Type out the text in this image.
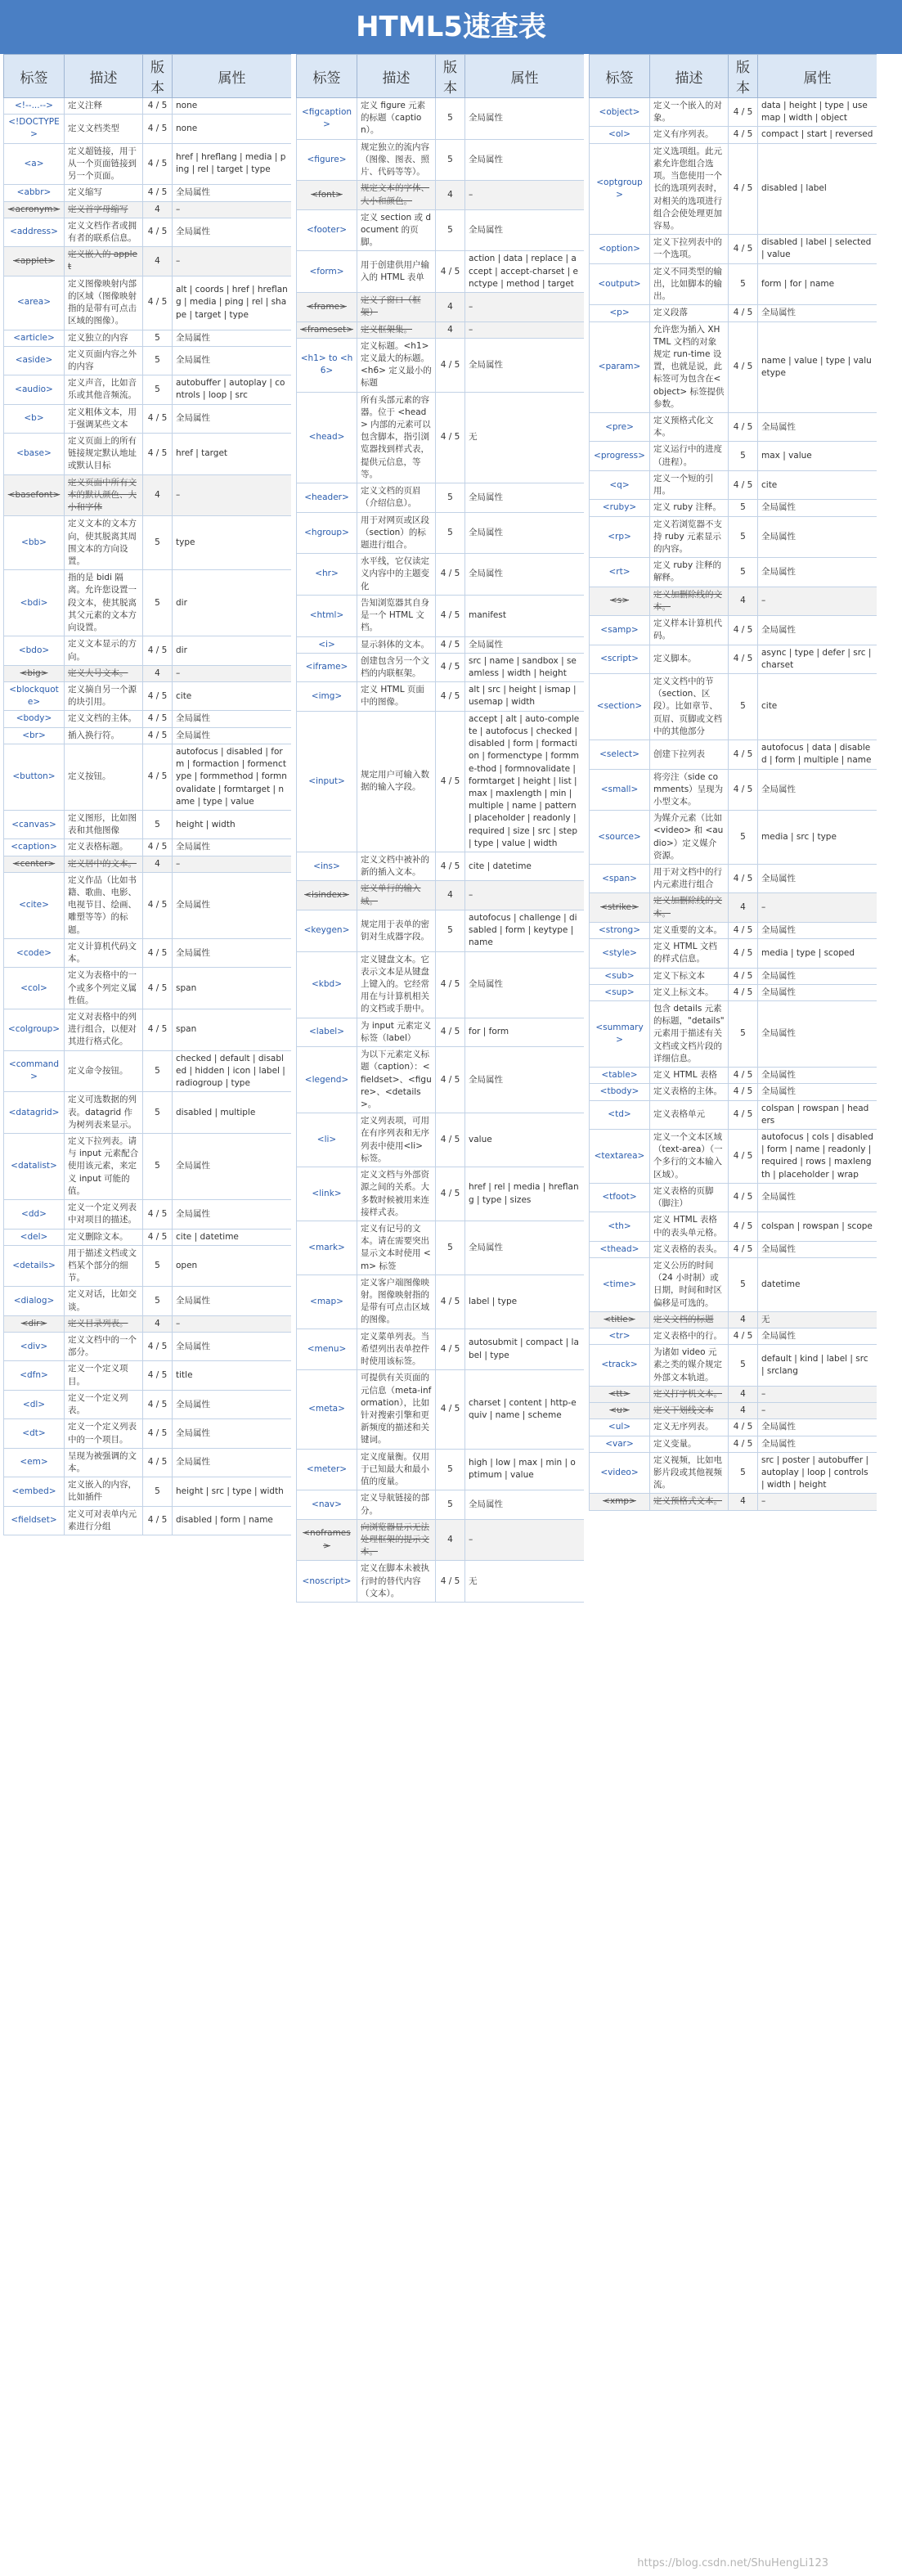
HTML5速查表
标签	描述	版本	属性
<!--...-->	定义注释	4 / 5	none
<!DOCTYPE>	定义文档类型	4 / 5	none
<a>	定义超链接，用于从一个页面链接到另一个页面。	4 / 5	href | hreflang | media | ping | rel | target | type
<abbr>	定义缩写	4 / 5	全局属性
<acronym>	定义首字母缩写	4	–
<address>	定义文档作者或拥有者的联系信息。	4 / 5	全局属性
<applet>	定义嵌入的 applet	4	–
<area>	定义图像映射内部的区域（图像映射指的是带有可点击区域的图像）。	4 / 5	alt | coords | href | hreflang | media | ping | rel | shape | target | type
<article>	定义独立的内容	5	全局属性
<aside>	定义页面内容之外的内容	5	全局属性
<audio>	定义声音，比如音乐或其他音频流。	5	autobuffer | autoplay | controls | loop | src
<b>	定义粗体文本，用于强调某些文本	4 / 5	全局属性
<base>	定义页面上的所有链接规定默认地址或默认目标	4 / 5	href | target
<basefont>	定义页面中所有文本的默认颜色、大小和字体	4	–
<bb>	定义文本的文本方向，使其脱离其周围文本的方向设置。	5	type
<bdi>	指的是 bidi 隔离。允许您设置一段文本，使其脱离其父元素的文本方向设置。	5	dir
<bdo>	定义文本显示的方向。	4 / 5	dir
<big>	定义大号文本。	4	–
<blockquote>	定义摘自另一个源的块引用。	4 / 5	cite
<body>	定义文档的主体。	4 / 5	全局属性
<br>	插入换行符。	4 / 5	全局属性
<button>	定义按钮。	4 / 5	autofocus | disabled | form | formaction | formenctype | formmethod | formnovalidate | formtarget | name | type | value
<canvas>	定义图形，比如图表和其他图像	5	height | width
<caption>	定义表格标题。	4 / 5	全局属性
<center>	定义居中的文本。	4	–
<cite>	定义作品（比如书籍、歌曲、电影、电视节目、绘画、雕塑等等）的标题。	4 / 5	全局属性
<code>	定义计算机代码文本。	4 / 5	全局属性
<col>	定义为表格中的一个或多个列定义属性值。	4 / 5	span
<colgroup>	定义对表格中的列进行组合，以便对其进行格式化。	4 / 5	span
<command>	定义命令按钮。	5	checked | default | disabled | hidden | icon | label | radiogroup | type
<datagrid>	定义可选数据的列表。datagrid 作为树列表来显示。	5	disabled | multiple
<datalist>	定义下拉列表。请与 input 元素配合使用该元素，来定义 input 可能的值。	5	全局属性
<dd>	定义一个定义列表中对项目的描述。	4 / 5	全局属性
<del>	定义删除文本。	4 / 5	cite | datetime
<details>	用于描述文档或文档某个部分的细节。	5	open
<dialog>	定义对话，比如交谈。	5	全局属性
<dir>	定义目录列表。	4	–
<div>	定义文档中的一个部分。	4 / 5	全局属性
<dfn>	定义一个定义项目。	4 / 5	title
<dl>	定义一个定义列表。	4 / 5	全局属性
<dt>	定义一个定义列表中的一个项目。	4 / 5	全局属性
<em>	呈现为被强调的文本。	4 / 5	全局属性
<embed>	定义嵌入的内容，比如插件	5	height | src | type | width
<fieldset>	定义可对表单内元素进行分组	4 / 5	disabled | form | name
标签	描述	版本	属性
<figcaption>	定义 figure 元素的标题（caption）。	5	全局属性
<figure>	规定独立的流内容（图像、图表、照片、代码等等）。	5	全局属性
<font>	规定文本的字体、大小和颜色。	4	–
<footer>	定义 section 或 document 的页脚。	5	全局属性
<form>	用于创建供用户输入的 HTML 表单	4 / 5	action | data | replace | accept | accept-charset | enctype | method | target
<frame>	定义子窗口（框架）	4	–
<frameset>	定义框架集。	4	–
<h1> to <h6>	定义标题。<h1> 定义最大的标题。<h6> 定义最小的标题	4 / 5	全局属性
<head>	所有头部元素的容器。位于 <head> 内部的元素可以包含脚本，指引浏览器找到样式表，提供元信息，等等。	4 / 5	无
<header>	定义文档的页眉（介绍信息）。	5	全局属性
<hgroup>	用于对网页或区段（section）的标题进行组合。	5	全局属性
<hr>	水平线，它仅读定义内容中的主题变化	4 / 5	全局属性
<html>	告知浏览器其自身是一个 HTML 文档。	4 / 5	manifest
<i>	显示斜体的文本。	4 / 5	全局属性
<iframe>	创建包含另一个文档的内联框架。	4 / 5	src | name | sandbox | seamless | width | height
<img>	定义 HTML 页面中的图像。	4 / 5	alt | src | height | ismap | usemap | width
<input>	规定用户可输入数据的输入字段。	4 / 5	accept | alt | auto-complete | autofocus | checked | disabled | form | formaction | formenctype | formme-thod | formnovalidate | formtarget | height | list | max | maxlength | min | multiple | name | pattern | placeholder | readonly | required | size | src | step | type | value | width
<ins>	定义文档中被补的新的插入文本。	4 / 5	cite | datetime
<isindex>	定义单行的输入域。	4	–
<keygen>	规定用于表单的密钥对生成器字段。	5	autofocus | challenge | disabled | form | keytype | name
<kbd>	定义键盘文本。它表示文本是从键盘上键入的。它经常用在与计算机相关的文档或手册中。	4 / 5	全局属性
<label>	为 input 元素定义标签（label）	4 / 5	for | form
<legend>	为以下元素定义标题（caption）：<fieldset>、<figure>、<details>。	4 / 5	全局属性
<li>	定义列表项，可用在有序列表和无序列表中使用<li> 标签。	4 / 5	value
<link>	定义文档与外部资源之间的关系。大多数时候被用来连接样式表。	4 / 5	href | rel | media | hreflang | type | sizes
<mark>	定义有记号的文本。请在需要突出显示文本时使用 <m> 标签	5	全局属性
<map>	定义客户端图像映射。图像映射指的是带有可点击区域的图像。	4 / 5	label | type
<menu>	定义菜单列表。当希望列出表单控件时使用该标签。	4 / 5	autosubmit | compact | label | type
<meta>	可提供有关页面的元信息（meta-information），比如针对搜索引擎和更新频度的描述和关键词。	4 / 5	charset | content | http-equiv | name | scheme
<meter>	定义度量衡。仅用于已知最大和最小值的度量。	5	high | low | max | min | optimum | value
<nav>	定义导航链接的部分。	5	全局属性
<noframes>	向浏览器显示无法处理框架的提示文本。	4	–
<noscript>	定义在脚本未被执行时的替代内容（文本）。	4 / 5	无
标签	描述	版本	属性
<object>	定义一个嵌入的对象。	4 / 5	data | height | type | usemap | width | object
<ol>	定义有序列表。	4 / 5	compact | start | reversed
<optgroup>	定义选项组。此元素允许您组合选项。当您使用一个长的选项列表时，对相关的选项进行组合会使处理更加容易。	4 / 5	disabled | label
<option>	定义下拉列表中的一个选项。	4 / 5	disabled | label | selected | value
<output>	定义不同类型的输出，比如脚本的输出。	5	form | for | name
<p>	定义段落	4 / 5	全局属性
<param>	允许您为插入 XHTML 文档的对象规定 run-time 设置，也就是说，此标签可为包含在<object> 标签提供参数。	4 / 5	name | value | type | valuetype
<pre>	定义预格式化文本。	4 / 5	全局属性
<progress>	定义运行中的进度（进程）。	5	max | value
<q>	定义一个短的引用。	4 / 5	cite
<ruby>	定义 ruby 注释。	5	全局属性
<rp>	定义若浏览器不支持 ruby 元素显示的内容。	5	全局属性
<rt>	定义 ruby 注释的解释。	5	全局属性
<s>	定义加删除线的文本。	4	–
<samp>	定义样本计算机代码。	4 / 5	全局属性
<script>	定义脚本。	4 / 5	async | type | defer | src | charset
<section>	定义文档中的节（section、区段）。比如章节、页眉、页脚或文档中的其他部分	5	cite
<select>	创建下拉列表	4 / 5	autofocus | data | disabled | form | multiple | name
<small>	将旁注（side comments）呈现为小型文本。	4 / 5	全局属性
<source>	为媒介元素（比如 <video> 和 <audio>）定义媒介资源。	5	media | src | type
<span>	用于对文档中的行内元素进行组合	4 / 5	全局属性
<strike>	定义加删除线的文本。	4	–
<strong>	定义重要的文本。	4 / 5	全局属性
<style>	定义 HTML 文档的样式信息。	4 / 5	media | type | scoped
<sub>	定义下标文本	4 / 5	全局属性
<sup>	定义上标文本。	4 / 5	全局属性
<summary>	包含 details 元素的标题，"details" 元素用于描述有关文档或文档片段的详细信息。	5	全局属性
<table>	定义 HTML 表格	4 / 5	全局属性
<tbody>	定义表格的主体。	4 / 5	全局属性
<td>	定义表格单元	4 / 5	colspan | rowspan | headers
<textarea>	定义一个文本区域（text-area）（一个多行的文本输入区域）。	4 / 5	autofocus | cols | disabled | form | name | readonly | required | rows | maxlength | placeholder | wrap
<tfoot>	定义表格的页脚（脚注）	4 / 5	全局属性
<th>	定义 HTML 表格中的表头单元格。	4 / 5	colspan | rowspan | scope
<thead>	定义表格的表头。	4 / 5	全局属性
<time>	定义公历的时间（24 小时制）或日期，时间和时区偏移是可选的。	5	datetime
<title>	定义文档的标题	4	无
<tr>	定义表格中的行。	4 / 5	全局属性
<track>	为诸如 video 元素之类的媒介规定外部文本轨道。	5	default | kind | label | src | srclang
<tt>	定义打字机文本。	4	–
<u>	定义下划线文本	4	–
<ul>	定义无序列表。	4 / 5	全局属性
<var>	定义变量。	4 / 5	全局属性
<video>	定义视频，比如电影片段或其他视频流。	5	src | poster | autobuffer | autoplay | loop | controls | width | height
<xmp>	定义预格式文本。	4	–
https://blog.csdn.net/ShuHengLi123
